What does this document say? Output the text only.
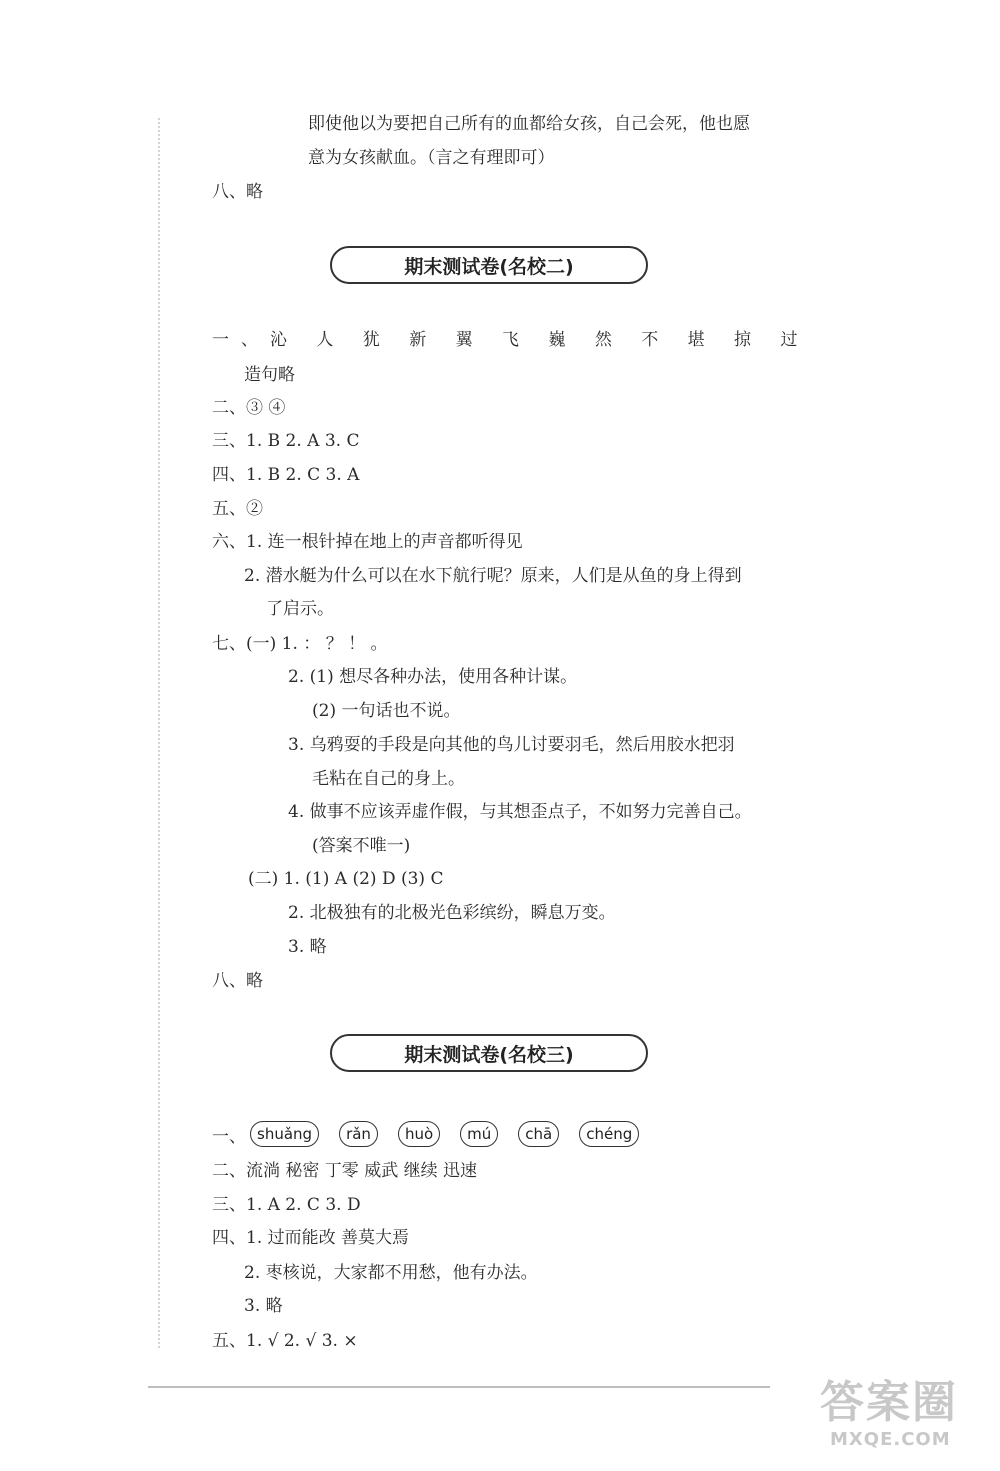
即使他以为要把自己所有的血都给女孩，自己会死，他也愿
意为女孩献血。（言之有理即可）
八、略
期末测试卷(名校二)
一、沁 人 犹 新 翼 飞 巍 然 不 堪 掠 过
造句略
二、③ ④
三、1. B 2. A 3. C
四、1. B 2. C 3. A
五、②
六、1. 连一根针掉在地上的声音都听得见
2. 潜水艇为什么可以在水下航行呢？原来，人们是从鱼的身上得到
了启示。
七、(一) 1. ： ？ ！ 。
2. (1) 想尽各种办法，使用各种计谋。
(2) 一句话也不说。
3. 乌鸦耍的手段是向其他的鸟儿讨要羽毛，然后用胶水把羽
毛粘在自己的身上。
4. 做事不应该弄虚作假，与其想歪点子，不如努力完善自己。
(答案不唯一)
(二) 1. (1) A (2) D (3) C
2. 北极独有的北极光色彩缤纷，瞬息万变。
3. 略
八、略
期末测试卷(名校三)
一、 shuǎng	rǎn	huò	mú	chā	chéng
二、流淌 秘密 丁零 威武 继续 迅速
三、1. A 2. C 3. D
四、1. 过而能改 善莫大焉
2. 枣核说，大家都不用愁，他有办法。
3. 略
五、1. √ 2. √ 3. ×
答案圈
MXQE.COM
